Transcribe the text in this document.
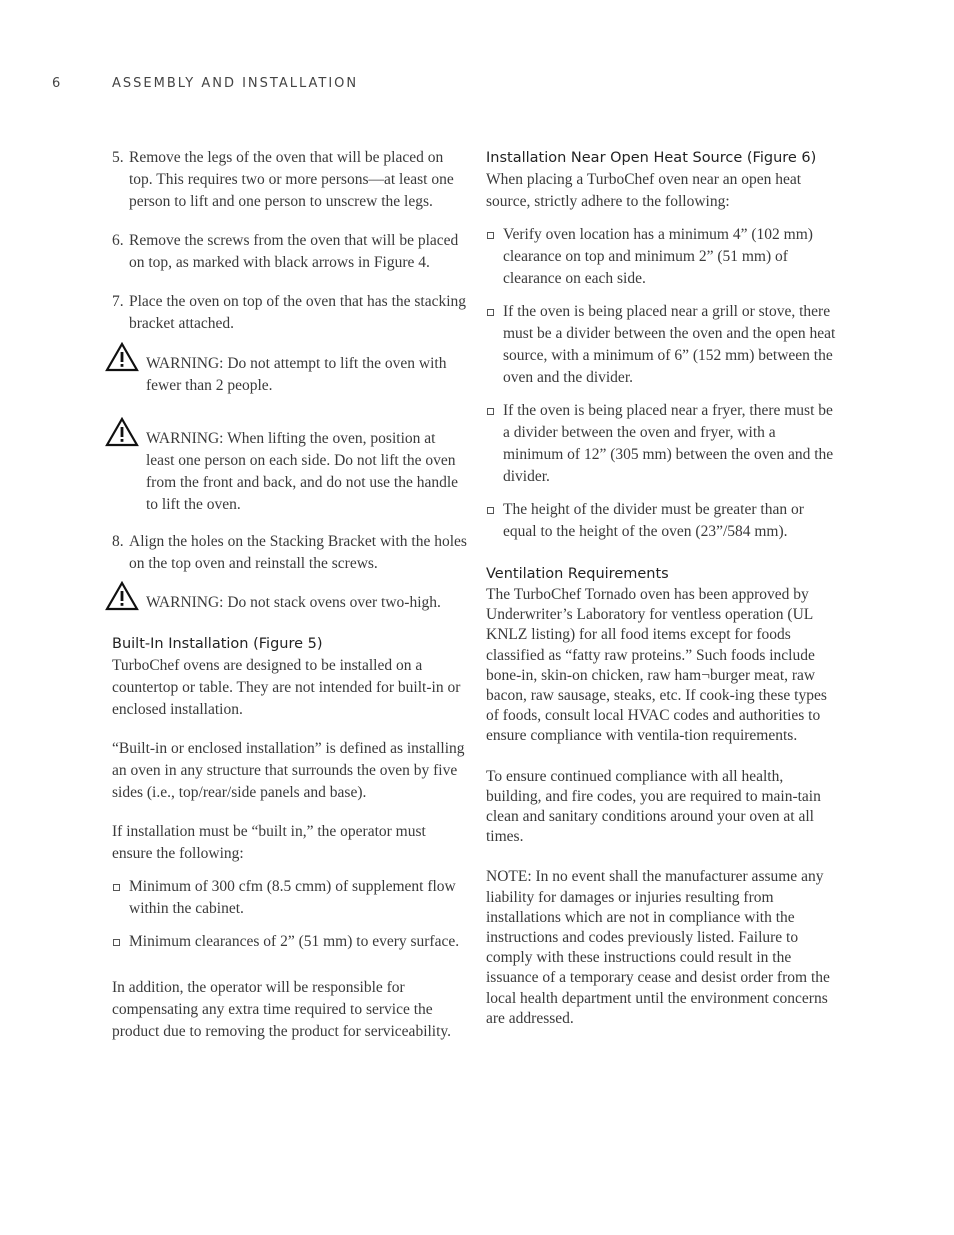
6	ASSEMBLY AND INSTALLATION
5. Remove the legs of the oven that will be placed on top. This requires two or more persons—at least one person to lift and one person to unscrew the legs.
6. Remove the screws from the oven that will be placed on top, as marked with black arrows in Figure 4.
7. Place the oven on top of the oven that has the stacking bracket attached.
WARNING: Do not attempt to lift the oven with fewer than 2 people.
WARNING: When lifting the oven, position at least one person on each side. Do not lift the oven from the front and back, and do not use the handle to lift the oven.
8. Align the holes on the Stacking Bracket with the holes on the top oven and reinstall the screws.
WARNING: Do not stack ovens over two-high.

Built-In Installation (Figure 5)

TurboChef ovens are designed to be installed on a countertop or table. They are not intended for built-in or enclosed installation.

“Built-in or enclosed installation” is defined as installing an oven in any structure that surrounds the oven by five sides (i.e., top/rear/side panels and base).

If installation must be “built in,” the operator must ensure the following:

Minimum of 300 cfm (8.5 cmm) of supplement flow within the cabinet.
Minimum clearances of 2” (51 mm) to every surface.

In addition, the operator will be responsible for compensating any extra time required to service the product due to removing the product for serviceability.

Installation Near Open Heat Source (Figure 6)

When placing a TurboChef oven near an open heat source, strictly adhere to the following:

Verify oven location has a minimum 4” (102 mm) clearance on top and minimum 2” (51 mm) of clearance on each side.
If the oven is being placed near a grill or stove, there must be a divider between the oven and the open heat source, with a minimum of 6” (152 mm) between the oven and the divider.
If the oven is being placed near a fryer, there must be a divider between the oven and fryer, with a minimum of 12” (305 mm) between the oven and the divider.
The height of the divider must be greater than or equal to the height of the oven (23”/584 mm).

Ventilation Requirements

The TurboChef Tornado oven has been approved by Underwriter’s Laboratory for ventless operation (UL KNLZ listing) for all food items except for foods classified as “fatty raw proteins.” Such foods include bone-in, skin-on chicken, raw ham¬burger meat, raw bacon, raw sausage, steaks, etc. If cook-ing these types of foods, consult local HVAC codes and authorities to ensure compliance with ventila-tion requirements.

To ensure continued compliance with all health, building, and fire codes, you are required to main-tain clean and sanitary conditions around your oven at all times.

NOTE: In no event shall the manufacturer assume any liability for damages or injuries resulting from installations which are not in compliance with the instructions and codes previously listed. Failure to comply with these instructions could result in the issuance of a temporary cease and desist order from the local health department until the environment concerns are addressed.
